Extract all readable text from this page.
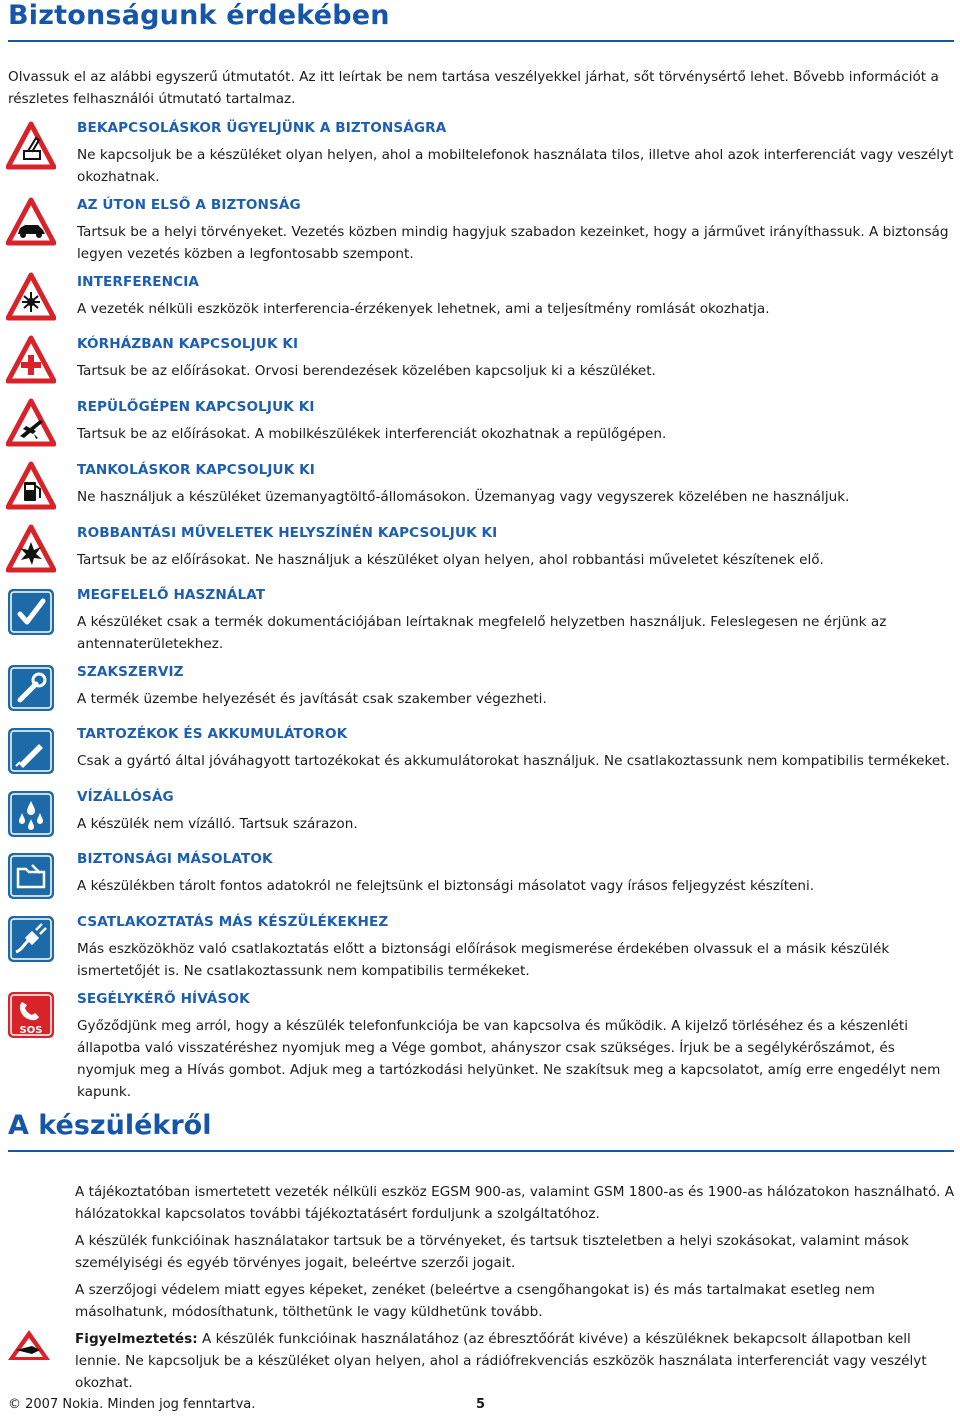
Biztonságunk érdekében
Olvassuk el az alábbi egyszerű útmutatót. Az itt leírtak be nem tartása veszélyekkel járhat, sőt törvénysértő lehet. Bővebb információt a részletes felhasználói útmutató tartalmaz.
BEKAPCSOLÁSKOR ÜGYELJÜNK A BIZTONSÁGRA
Ne kapcsoljuk be a készüléket olyan helyen, ahol a mobiltelefonok használata tilos, illetve ahol azok interferenciát vagy veszélyt okozhatnak.
AZ ÚTON ELSŐ A BIZTONSÁG
Tartsuk be a helyi törvényeket. Vezetés közben mindig hagyjuk szabadon kezeinket, hogy a járművet irányíthassuk. A biztonság legyen vezetés közben a legfontosabb szempont.
INTERFERENCIA
A vezeték nélküli eszközök interferencia-érzékenyek lehetnek, ami a teljesítmény romlását okozhatja.
KÓRHÁZBAN KAPCSOLJUK KI
Tartsuk be az előírásokat. Orvosi berendezések közelében kapcsoljuk ki a készüléket.
REPÜLŐGÉPEN KAPCSOLJUK KI
Tartsuk be az előírásokat. A mobilkészülékek interferenciát okozhatnak a repülőgépen.
TANKOLÁSKOR KAPCSOLJUK KI
Ne használjuk a készüléket üzemanyagtöltő-állomásokon. Üzemanyag vagy vegyszerek közelében ne használjuk.
ROBBANTÁSI MŰVELETEK HELYSZÍNÉN KAPCSOLJUK KI
Tartsuk be az előírásokat. Ne használjuk a készüléket olyan helyen, ahol robbantási műveletet készítenek elő.
MEGFELELŐ HASZNÁLAT
A készüléket csak a termék dokumentációjában leírtaknak megfelelő helyzetben használjuk. Feleslegesen ne érjünk az antennaterületekhez.
SZAKSZERVIZ
A termék üzembe helyezését és javítását csak szakember végezheti.
TARTOZÉKOK ÉS AKKUMULÁTOROK
Csak a gyártó által jóváhagyott tartozékokat és akkumulátorokat használjuk. Ne csatlakoztassunk nem kompatibilis termékeket.
VÍZÁLLÓSÁG
A készülék nem vízálló. Tartsuk szárazon.
BIZTONSÁGI MÁSOLATOK
A készülékben tárolt fontos adatokról ne felejtsünk el biztonsági másolatot vagy írásos feljegyzést készíteni.
CSATLAKOZTATÁS MÁS KÉSZÜLÉKEKHEZ
Más eszközökhöz való csatlakoztatás előtt a biztonsági előírások megismerése érdekében olvassuk el a másik készülék ismertetőjét is. Ne csatlakoztassunk nem kompatibilis termékeket.
SEGÉLYKÉRŐ HÍVÁSOK
Győződjünk meg arról, hogy a készülék telefonfunkciója be van kapcsolva és működik. A kijelző törléséhez és a készenléti állapotba való visszatéréshez nyomjuk meg a Vége gombot, ahányszor csak szükséges. Írjuk be a segélykérőszámot, és nyomjuk meg a Hívás gombot. Adjuk meg a tartózkodási helyünket. Ne szakítsuk meg a kapcsolatot, amíg erre engedélyt nem kapunk.
SOS
A készülékről
A tájékoztatóban ismertetett vezeték nélküli eszköz EGSM 900-as, valamint GSM 1800-as és 1900-as hálózatokon használható. A hálózatokkal kapcsolatos további tájékoztatásért forduljunk a szolgáltatóhoz.
A készülék funkcióinak használatakor tartsuk be a törvényeket, és tartsuk tiszteletben a helyi szokásokat, valamint mások személyiségi és egyéb törvényes jogait, beleértve szerzői jogait.
A szerzőjogi védelem miatt egyes képeket, zenéket (beleértve a csengőhangokat is) és más tartalmakat esetleg nem másolhatunk, módosíthatunk, tölthetünk le vagy küldhetünk tovább.
Figyelmeztetés: A készülék funkcióinak használatához (az ébresztőórát kivéve) a készüléknek bekapcsolt állapotban kell lennie. Ne kapcsoljuk be a készüléket olyan helyen, ahol a rádiófrekvenciás eszközök használata interferenciát vagy veszélyt okozhat.
© 2007 Nokia. Minden jog fenntartva.	5
